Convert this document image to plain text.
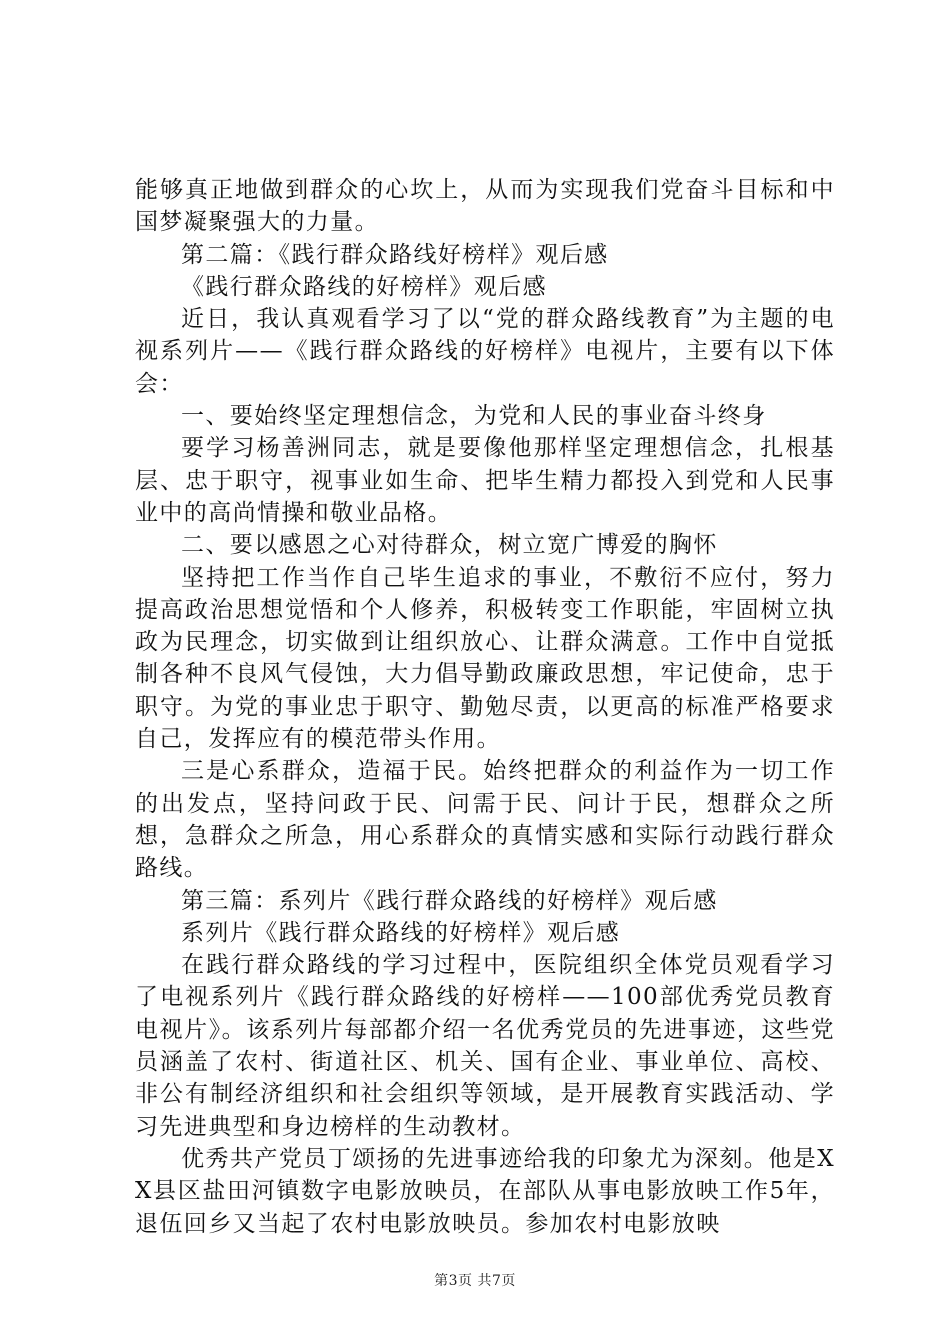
能够真正地做到群众的心坎上，从而为实现我们党奋斗目标和中国梦凝聚强大的力量。

第二篇：《践行群众路线好榜样》观后感

《践行群众路线的好榜样》观后感

近日，我认真观看学习了以“党的群众路线教育”为主题的电视系列片——《践行群众路线的好榜样》电视片，主要有以下体会：

一、要始终坚定理想信念，为党和人民的事业奋斗终身

要学习杨善洲同志，就是要像他那样坚定理想信念，扎根基层、忠于职守，视事业如生命、把毕生精力都投入到党和人民事业中的高尚情操和敬业品格。

二、要以感恩之心对待群众，树立宽广博爱的胸怀

坚持把工作当作自己毕生追求的事业，不敷衍不应付，努力提高政治思想觉悟和个人修养，积极转变工作职能，牢固树立执政为民理念，切实做到让组织放心、让群众满意。工作中自觉抵制各种不良风气侵蚀，大力倡导勤政廉政思想，牢记使命，忠于职守。为党的事业忠于职守、勤勉尽责，以更高的标准严格要求自己，发挥应有的模范带头作用。

三是心系群众，造福于民。始终把群众的利益作为一切工作的出发点，坚持问政于民、问需于民、问计于民，想群众之所想，急群众之所急，用心系群众的真情实感和实际行动践行群众路线。

第三篇：系列片《践行群众路线的好榜样》观后感

系列片《践行群众路线的好榜样》观后感

在践行群众路线的学习过程中，医院组织全体党员观看学习了电视系列片《践行群众路线的好榜样——100部优秀党员教育电视片》。该系列片每部都介绍一名优秀党员的先进事迹，这些党员涵盖了农村、街道社区、机关、国有企业、事业单位、高校、非公有制经济组织和社会组织等领域，是开展教育实践活动、学习先进典型和身边榜样的生动教材。

优秀共产党员丁颂扬的先进事迹给我的印象尤为深刻。他是XX县区盐田河镇数字电影放映员，在部队从事电影放映工作5年，退伍回乡又当起了农村电影放映员。参加农村电影放映

第3页 共7页
